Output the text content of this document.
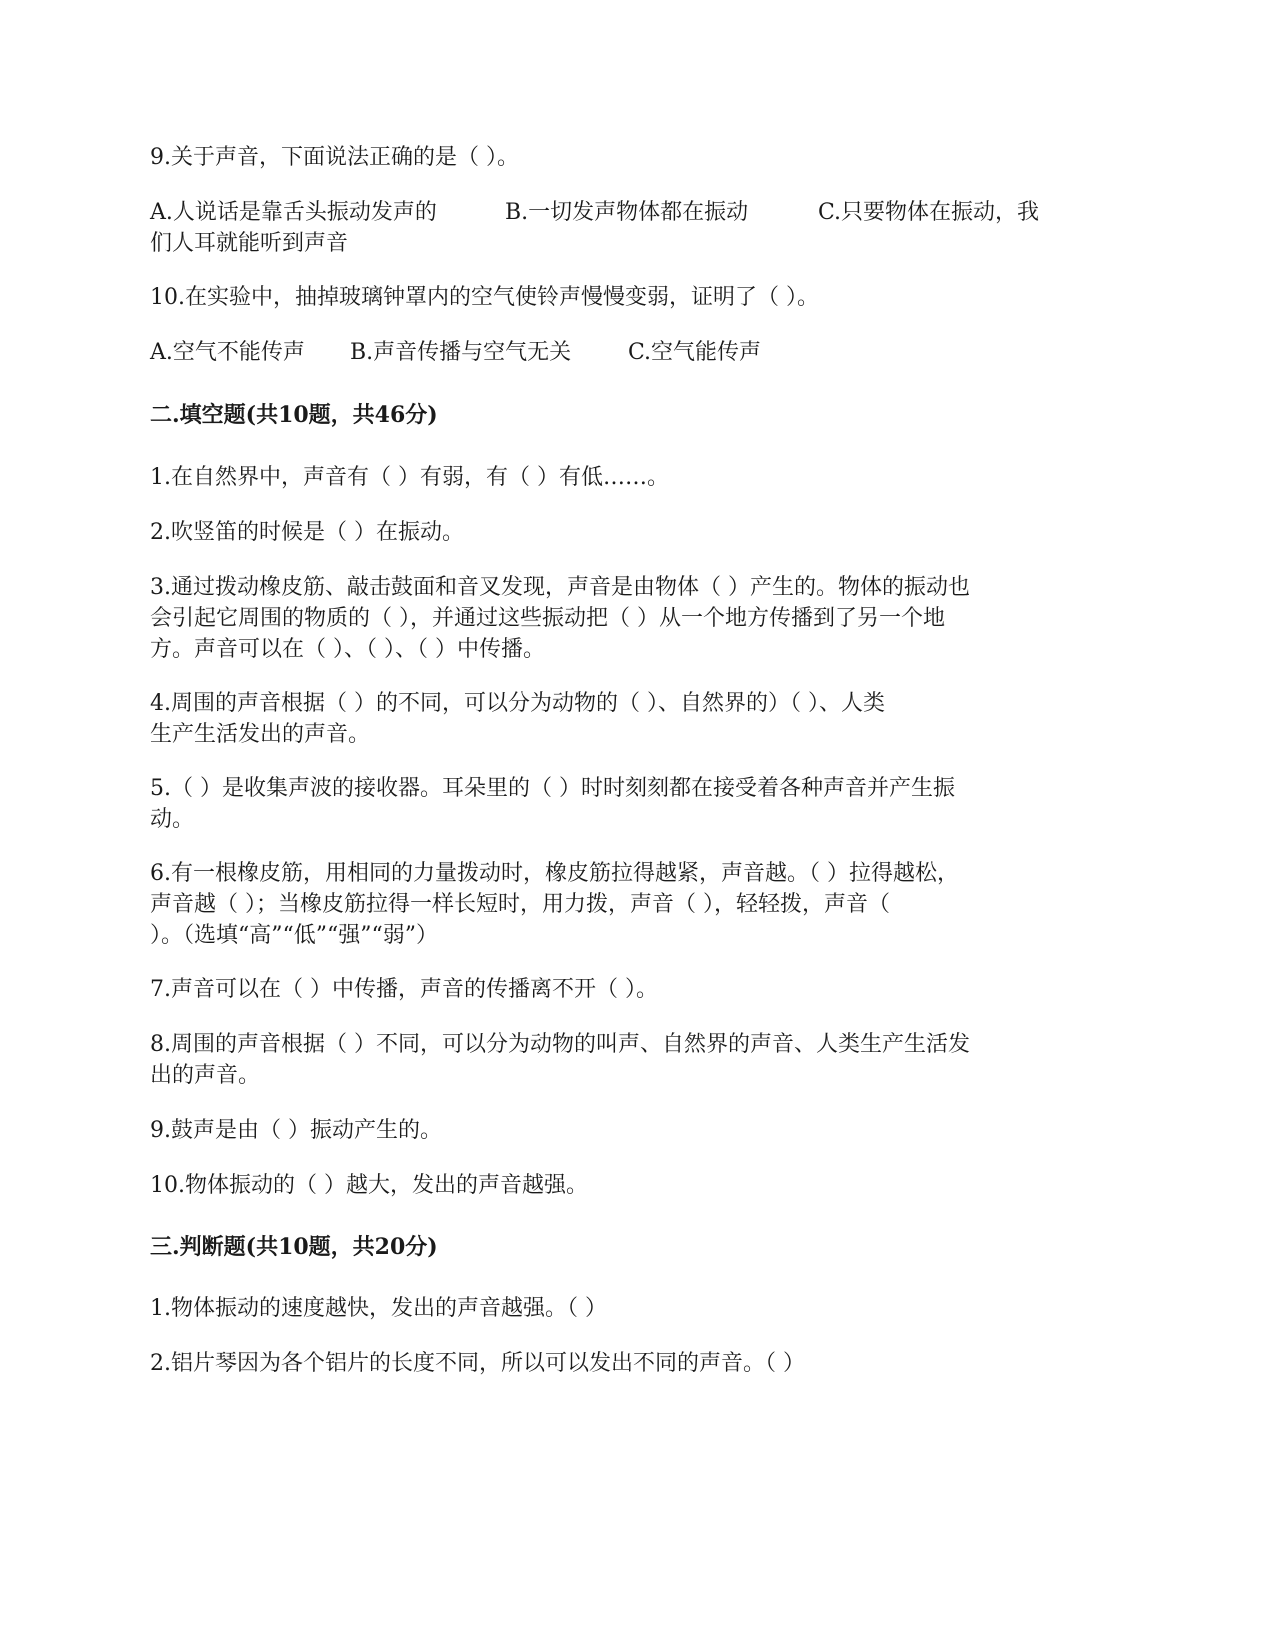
9.关于声音，下面说法正确的是（ ）。
A.人说话是靠舌头振动发声的	B.一切发声物体都在振动	C.只要物体在振动，我
们人耳就能听到声音
10.在实验中，抽掉玻璃钟罩内的空气使铃声慢慢变弱，证明了（ ）。
A.空气不能传声 B.声音传播与空气无关	C.空气能传声
二.填空题(共10题，共46分)
1.在自然界中，声音有（ ）有弱，有（ ）有低……。
2.吹竖笛的时候是（ ）在振动。
3.通过拨动橡皮筋、敲击鼓面和音叉发现，声音是由物体（ ）产生的。物体的振动也
会引起它周围的物质的（ ），并通过这些振动把（ ）从一个地方传播到了另一个地
方。声音可以在（ ）、（ ）、（ ）中传播。
4.周围的声音根据（ ）的不同，可以分为动物的（ ）、自然界的）（ ）、人类
生产生活发出的声音。
5.（ ）是收集声波的接收器。耳朵里的（ ）时时刻刻都在接受着各种声音并产生振
动。
6.有一根橡皮筋，用相同的力量拨动时，橡皮筋拉得越紧，声音越。（ ）拉得越松，
声音越（ ）；当橡皮筋拉得一样长短时，用力拨，声音（ ），轻轻拨，声音（
）。（选填“高”“低”“强”“弱”）
7.声音可以在（ ）中传播，声音的传播离不开（ ）。
8.周围的声音根据（ ）不同，可以分为动物的叫声、自然界的声音、人类生产生活发
出的声音。
9.鼓声是由（ ）振动产生的。
10.物体振动的（ ）越大，发出的声音越强。
三.判断题(共10题，共20分)
1.物体振动的速度越快，发出的声音越强。（ ）
2.铝片琴因为各个铝片的长度不同，所以可以发出不同的声音。（ ）
